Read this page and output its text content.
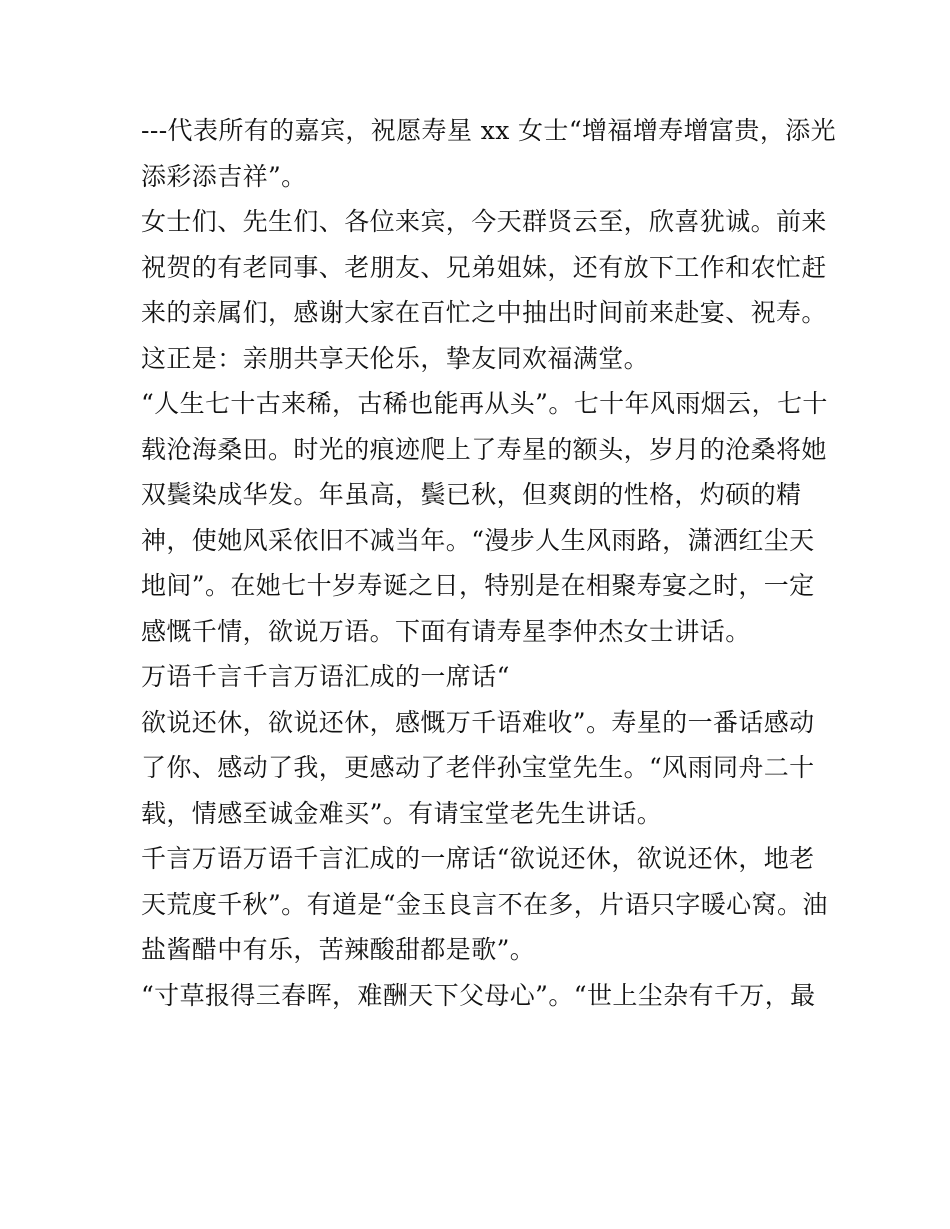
---代表所有的嘉宾，祝愿寿星 xx 女士“增福增寿增富贵，添光
添彩添吉祥”。
女士们、先生们、各位来宾，今天群贤云至，欣喜犹诚。前来
祝贺的有老同事、老朋友、兄弟姐妹，还有放下工作和农忙赶
来的亲属们，感谢大家在百忙之中抽出时间前来赴宴、祝寿。
这正是：亲朋共享天伦乐，挚友同欢福满堂。
“人生七十古来稀，古稀也能再从头”。七十年风雨烟云，七十
载沧海桑田。时光的痕迹爬上了寿星的额头，岁月的沧桑将她
双鬓染成华发。年虽高，鬓已秋，但爽朗的性格，灼硕的精
神，使她风采依旧不减当年。“漫步人生风雨路，潇洒红尘天
地间”。在她七十岁寿诞之日，特别是在相聚寿宴之时，一定
感慨千情，欲说万语。下面有请寿星李仲杰女士讲话。
万语千言千言万语汇成的一席话“
欲说还休，欲说还休，感慨万千语难收”。寿星的一番话感动
了你、感动了我，更感动了老伴孙宝堂先生。“风雨同舟二十
载，情感至诚金难买”。有请宝堂老先生讲话。
千言万语万语千言汇成的一席话“欲说还休，欲说还休，地老
天荒度千秋”。有道是“金玉良言不在多，片语只字暖心窝。油
盐酱醋中有乐，苦辣酸甜都是歌”。
“寸草报得三春晖，难酬天下父母心”。“世上尘杂有千万，最
